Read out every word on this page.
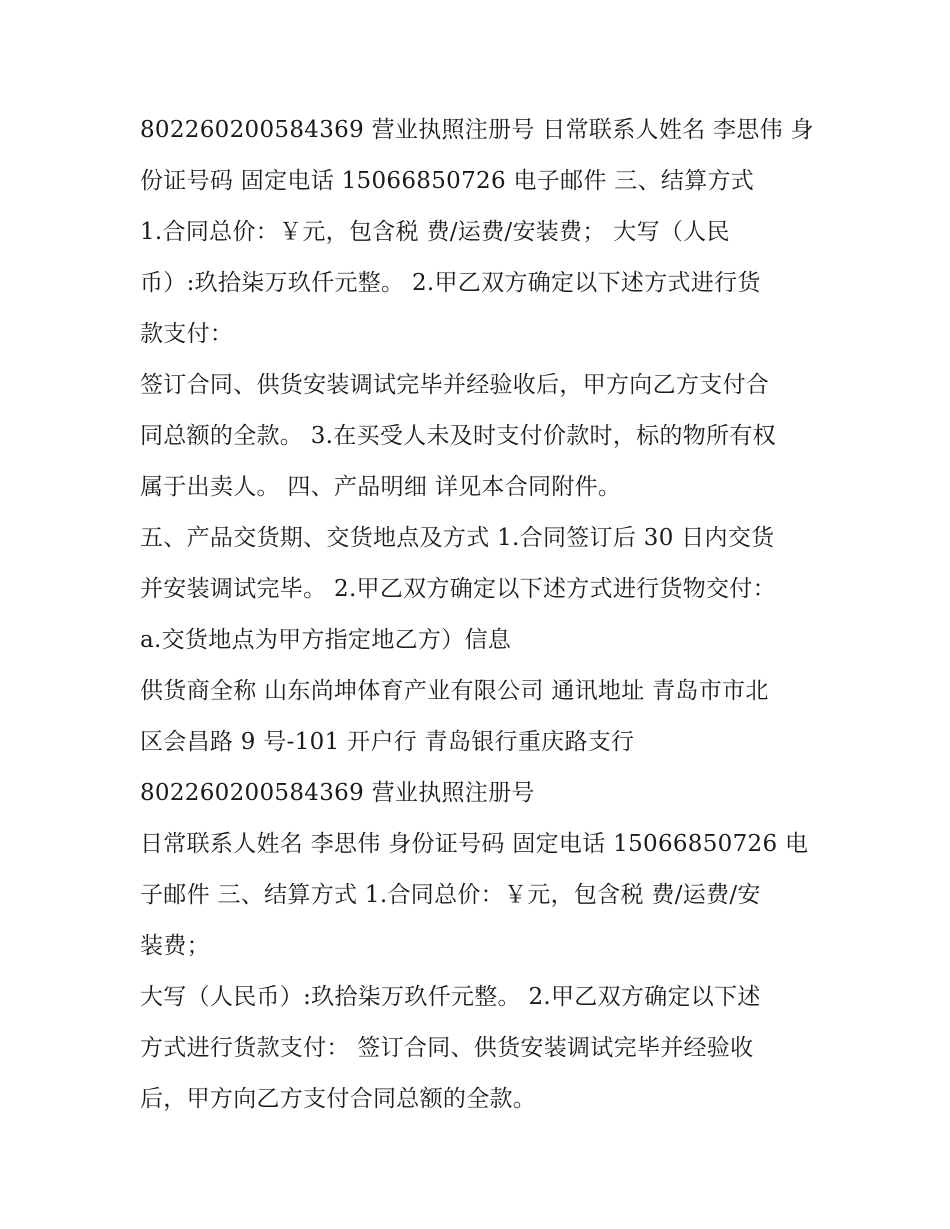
802260200584369 营业执照注册号 日常联系人姓名 李思伟 身
份证号码 固定电话 15066850726 电子邮件 三、结算方式
1.合同总价：￥元，包含税 费/运费/安装费； 大写（人民
币）:玖拾柒万玖仟元整。 2.甲乙双方确定以下述方式进行货
款支付：
签订合同、供货安装调试完毕并经验收后，甲方向乙方支付合
同总额的全款。 3.在买受人未及时支付价款时，标的物所有权
属于出卖人。 四、产品明细 详见本合同附件。
五、产品交货期、交货地点及方式 1.合同签订后 30 日内交货
并安装调试完毕。 2.甲乙双方确定以下述方式进行货物交付：
a.交货地点为甲方指定地乙方）信息
供货商全称 山东尚坤体育产业有限公司 通讯地址 青岛市市北
区会昌路 9 号-101 开户行 青岛银行重庆路支行
802260200584369 营业执照注册号
日常联系人姓名 李思伟 身份证号码 固定电话 15066850726 电
子邮件 三、结算方式 1.合同总价：￥元，包含税 费/运费/安
装费；
大写（人民币）:玖拾柒万玖仟元整。 2.甲乙双方确定以下述
方式进行货款支付： 签订合同、供货安装调试完毕并经验收
后，甲方向乙方支付合同总额的全款。
